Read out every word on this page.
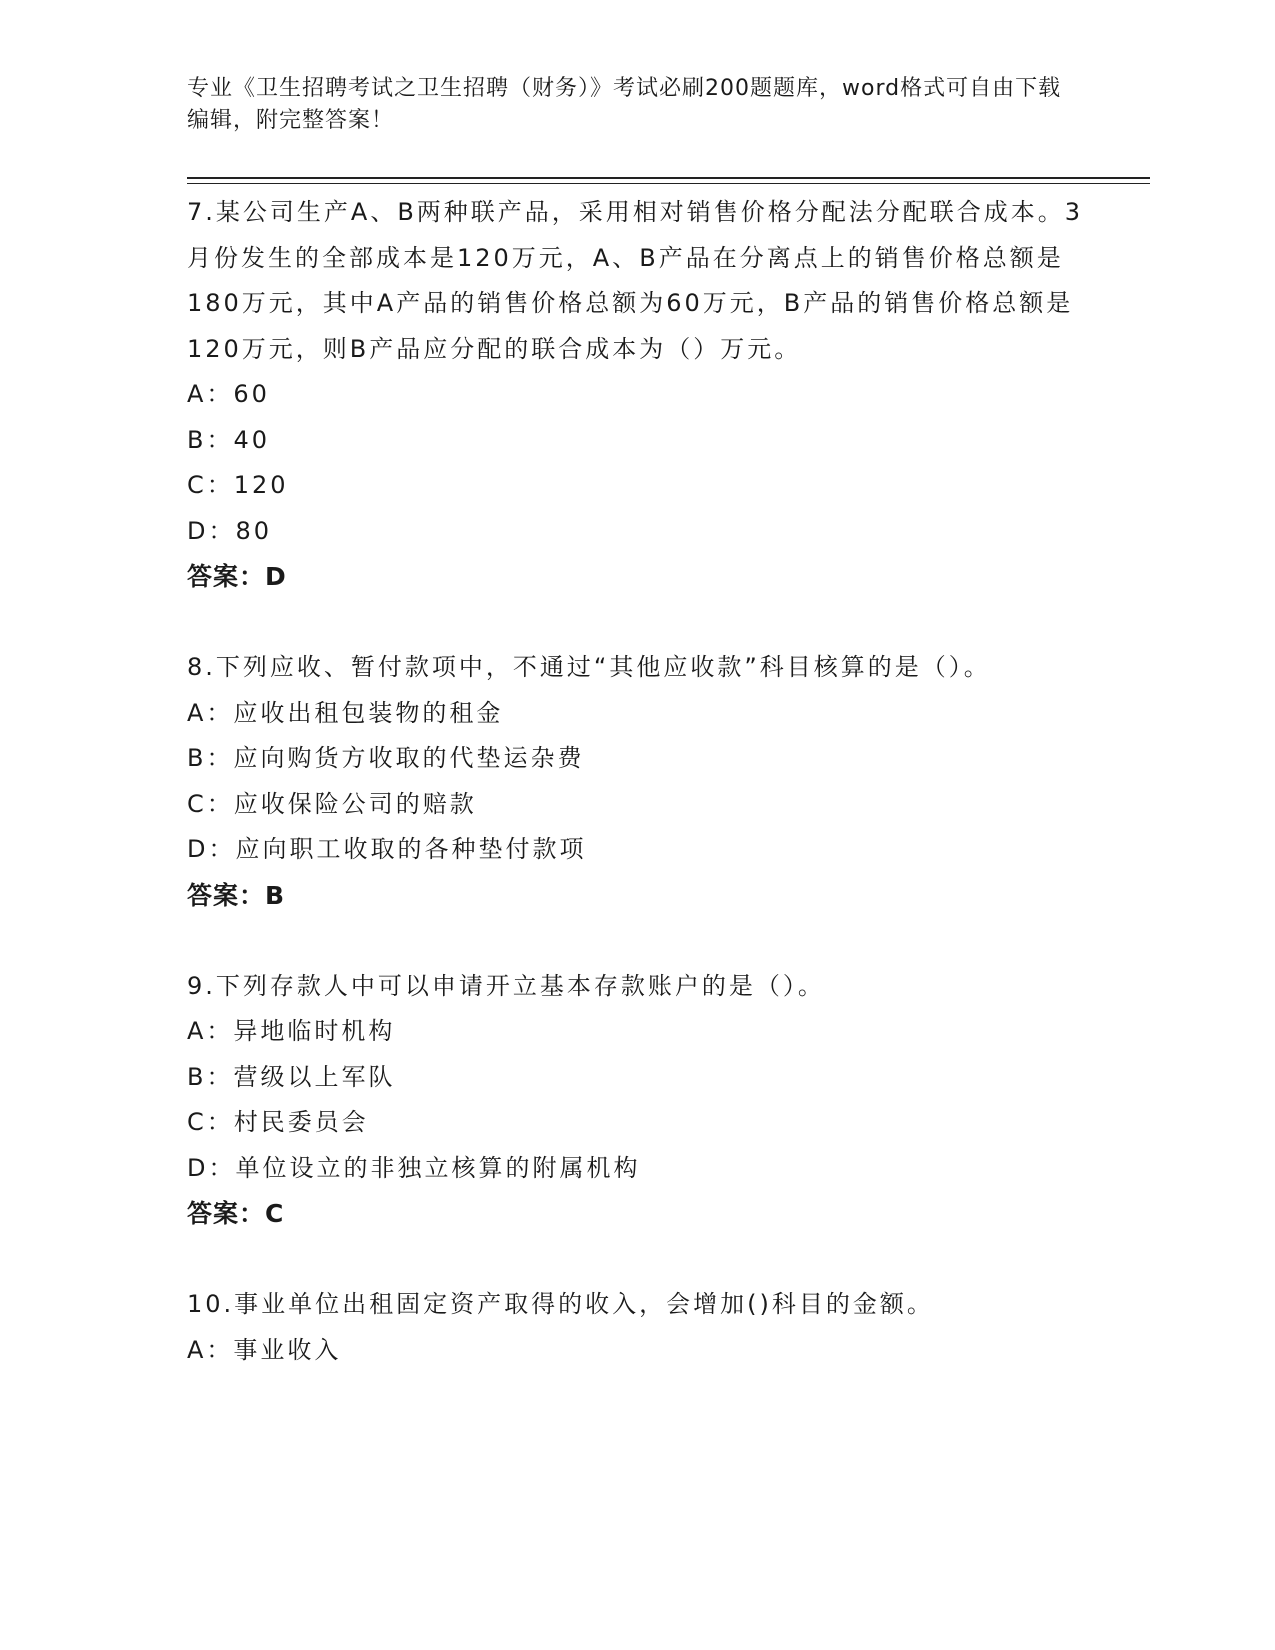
专业《卫生招聘考试之卫生招聘（财务）》考试必刷200题题库，word格式可自由下载编辑，附完整答案！

7.某公司生产A、B两种联产品，采用相对销售价格分配法分配联合成本。3月份发生的全部成本是120万元，A、B产品在分离点上的销售价格总额是180万元，其中A产品的销售价格总额为60万元，B产品的销售价格总额是120万元，则B产品应分配的联合成本为（）万元。

A：60

B：40

C：120

D：80

答案：D

8.下列应收、暂付款项中，不通过“其他应收款”科目核算的是（）。

A：应收出租包装物的租金

B：应向购货方收取的代垫运杂费

C：应收保险公司的赔款

D：应向职工收取的各种垫付款项

答案：B

9.下列存款人中可以申请开立基本存款账户的是（）。

A：异地临时机构

B：营级以上军队

C：村民委员会

D：单位设立的非独立核算的附属机构

答案：C

10.事业单位出租固定资产取得的收入，会增加()科目的金额。

A：事业收入
